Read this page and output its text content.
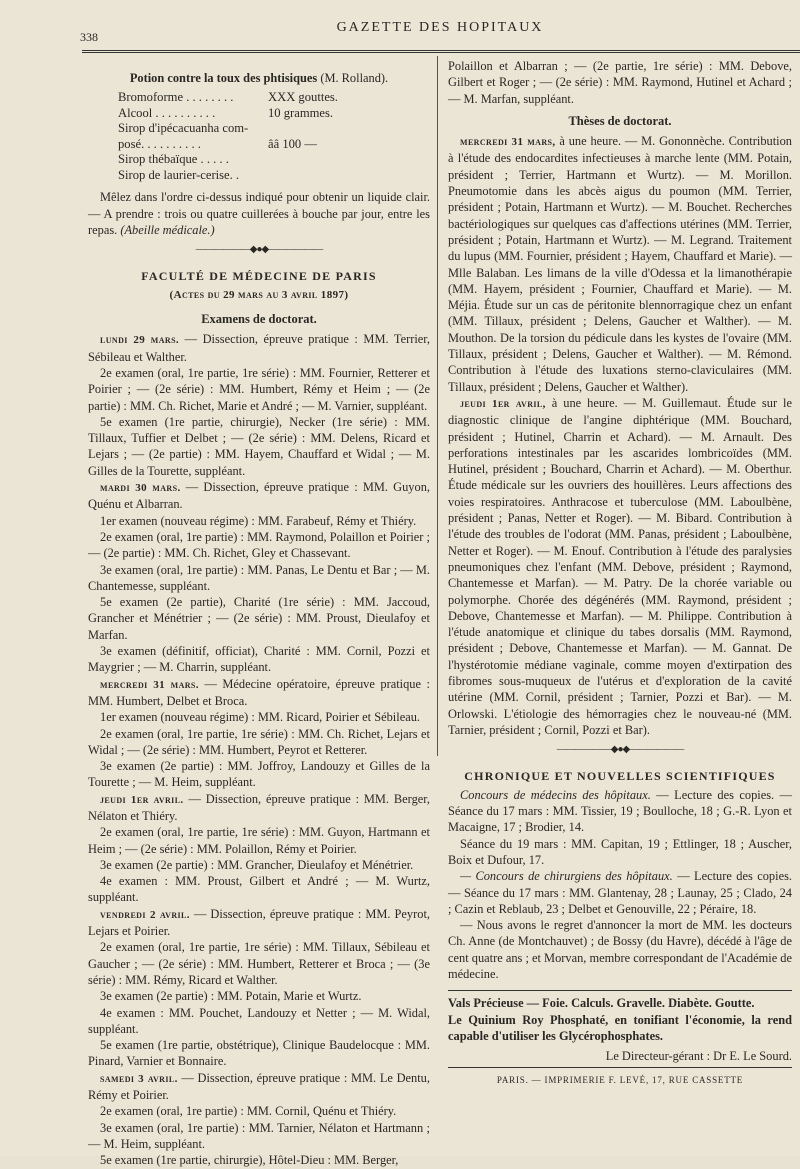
338
GAZETTE DES HOPITAUX
Potion contre la toux des phtisiques (M. Rolland).
Bromoforme . . . . . . . .	XXX gouttes.
Alcool . . . . . . . . . .	10 grammes.
Sirop d'ipécacuanha com-
posé. . . . . . . . . .	ââ 100 —
Sirop thébaïque . . . . .
Sirop de laurier-cerise. .

Mêlez dans l'ordre ci-dessus indiqué pour obtenir un liquide clair. — A prendre : trois ou quatre cuillerées à bouche par jour, entre les repas. (Abeille médicale.)

——————◆●◆——————
FACULTÉ DE MÉDECINE DE PARIS
(Actes du 29 mars au 3 avril 1897)
Examens de doctorat.

lundi 29 mars. — Dissection, épreuve pratique : MM. Terrier, Sébileau et Walther.

2e examen (oral, 1re partie, 1re série) : MM. Fournier, Retterer et Poirier ; — (2e série) : MM. Humbert, Rémy et Heim ; — (2e partie) : MM. Ch. Richet, Marie et André ; — M. Varnier, suppléant.

5e examen (1re partie, chirurgie), Necker (1re série) : MM. Tillaux, Tuffier et Delbet ; — (2e série) : MM. Delens, Ricard et Lejars ; — (2e partie) : MM. Hayem, Chauffard et Widal ; — M. Gilles de la Tourette, suppléant.

mardi 30 mars. — Dissection, épreuve pratique : MM. Guyon, Quénu et Albarran.

1er examen (nouveau régime) : MM. Farabeuf, Rémy et Thiéry.

2e examen (oral, 1re partie) : MM. Raymond, Polaillon et Poirier ; — (2e partie) : MM. Ch. Richet, Gley et Chassevant.

3e examen (oral, 1re partie) : MM. Panas, Le Dentu et Bar ; — M. Chantemesse, suppléant.

5e examen (2e partie), Charité (1re série) : MM. Jaccoud, Grancher et Ménétrier ; — (2e série) : MM. Proust, Dieulafoy et Marfan.

3e examen (définitif, officiat), Charité : MM. Cornil, Pozzi et Maygrier ; — M. Charrin, suppléant.

mercredi 31 mars. — Médecine opératoire, épreuve pratique : MM. Humbert, Delbet et Broca.

1er examen (nouveau régime) : MM. Ricard, Poirier et Sébileau.

2e examen (oral, 1re partie, 1re série) : MM. Ch. Richet, Lejars et Widal ; — (2e série) : MM. Humbert, Peyrot et Retterer.

3e examen (2e partie) : MM. Joffroy, Landouzy et Gilles de la Tourette ; — M. Heim, suppléant.

jeudi 1er avril. — Dissection, épreuve pratique : MM. Berger, Nélaton et Thiéry.

2e examen (oral, 1re partie, 1re série) : MM. Guyon, Hartmann et Heim ; — (2e série) : MM. Polaillon, Rémy et Poirier.

3e examen (2e partie) : MM. Grancher, Dieulafoy et Ménétrier.

4e examen : MM. Proust, Gilbert et André ; — M. Wurtz, suppléant.

vendredi 2 avril. — Dissection, épreuve pratique : MM. Peyrot, Lejars et Poirier.

2e examen (oral, 1re partie, 1re série) : MM. Tillaux, Sébileau et Gaucher ; — (2e série) : MM. Humbert, Retterer et Broca ; — (3e série) : MM. Rémy, Ricard et Walther.

3e examen (2e partie) : MM. Potain, Marie et Wurtz.

4e examen : MM. Pouchet, Landouzy et Netter ; — M. Widal, suppléant.

5e examen (1re partie, obstétrique), Clinique Baudelocque : MM. Pinard, Varnier et Bonnaire.

samedi 3 avril. — Dissection, épreuve pratique : MM. Le Dentu, Rémy et Poirier.

2e examen (oral, 1re partie) : MM. Cornil, Quénu et Thiéry.

3e examen (oral, 1re partie) : MM. Tarnier, Nélaton et Hartmann ; — M. Heim, suppléant.

5e examen (1re partie, chirurgie), Hôtel-Dieu : MM. Berger,

Polaillon et Albarran ; — (2e partie, 1re série) : MM. Debove, Gilbert et Roger ; — (2e série) : MM. Raymond, Hutinel et Achard ; — M. Marfan, suppléant.

Thèses de doctorat.

mercredi 31 mars, à une heure. — M. Gononnèche. Contribution à l'étude des endocardites infectieuses à marche lente (MM. Potain, président ; Terrier, Hartmann et Wurtz). — M. Morillon. Pneumotomie dans les abcès aigus du poumon (MM. Terrier, président ; Potain, Hartmann et Wurtz). — M. Bouchet. Recherches bactériologiques sur quelques cas d'affections utérines (MM. Terrier, président ; Potain, Hartmann et Wurtz). — M. Legrand. Traitement du lupus (MM. Fournier, président ; Hayem, Chauffard et Marie). — Mlle Balaban. Les limans de la ville d'Odessa et la limanothérapie (MM. Hayem, président ; Fournier, Chauffard et Marie). — M. Méjia. Étude sur un cas de péritonite blennorragique chez un enfant (MM. Tillaux, président ; Delens, Gaucher et Walther). — M. Mouthon. De la torsion du pédicule dans les kystes de l'ovaire (MM. Tillaux, président ; Delens, Gaucher et Walther). — M. Rémond. Contribution à l'étude des luxations sterno-claviculaires (MM. Tillaux, président ; Delens, Gaucher et Walther).

jeudi 1er avril, à une heure. — M. Guillemaut. Étude sur le diagnostic clinique de l'angine diphtérique (MM. Bouchard, président ; Hutinel, Charrin et Achard). — M. Arnault. Des perforations intestinales par les ascarides lombricoïdes (MM. Hutinel, président ; Bouchard, Charrin et Achard). — M. Oberthur. Étude médicale sur les ouvriers des houillères. Leurs affections des voies respiratoires. Anthracose et tuberculose (MM. Laboulbène, président ; Panas, Netter et Roger). — M. Bibard. Contribution à l'étude des troubles de l'odorat (MM. Panas, président ; Laboulbène, Netter et Roger). — M. Enouf. Contribution à l'étude des paralysies pneumoniques chez l'enfant (MM. Debove, président ; Raymond, Chantemesse et Marfan). — M. Patry. De la chorée variable ou polymorphe. Chorée des dégénérés (MM. Raymond, président ; Debove, Chantemesse et Marfan). — M. Philippe. Contribution à l'étude anatomique et clinique du tabes dorsalis (MM. Raymond, président ; Debove, Chantemesse et Marfan). — M. Gannat. De l'hystérotomie médiane vaginale, comme moyen d'extirpation des fibromes sous-muqueux de l'utérus et d'exploration de la cavité utérine (MM. Cornil, président ; Tarnier, Pozzi et Bar). — M. Orlowski. L'étiologie des hémorragies chez le nouveau-né (MM. Tarnier, président ; Cornil, Pozzi et Bar).

——————◆●◆——————
CHRONIQUE ET NOUVELLES SCIENTIFIQUES

Concours de médecins des hôpitaux. — Lecture des copies. — Séance du 17 mars : MM. Tissier, 19 ; Boulloche, 18 ; G.-R. Lyon et Macaigne, 17 ; Brodier, 14.

Séance du 19 mars : MM. Capitan, 19 ; Ettlinger, 18 ; Auscher, Boix et Dufour, 17.

— Concours de chirurgiens des hôpitaux. — Lecture des copies. — Séance du 17 mars : MM. Glantenay, 28 ; Launay, 25 ; Clado, 24 ; Cazin et Reblaub, 23 ; Delbet et Genouville, 22 ; Péraire, 18.

— Nous avons le regret d'annoncer la mort de MM. les docteurs Ch. Anne (de Montchauvet) ; de Bossy (du Havre), décédé à l'âge de cent quatre ans ; et Morvan, membre correspondant de l'Académie de médecine.

Vals Précieuse — Foie. Calculs. Gravelle. Diabète. Goutte.

Le Quinium Roy Phosphaté, en tonifiant l'économie, la rend capable d'utiliser les Glycérophosphates.

Le Directeur-gérant : Dr E. Le Sourd.
PARIS. — IMPRIMERIE F. LEVÉ, 17, RUE CASSETTE
